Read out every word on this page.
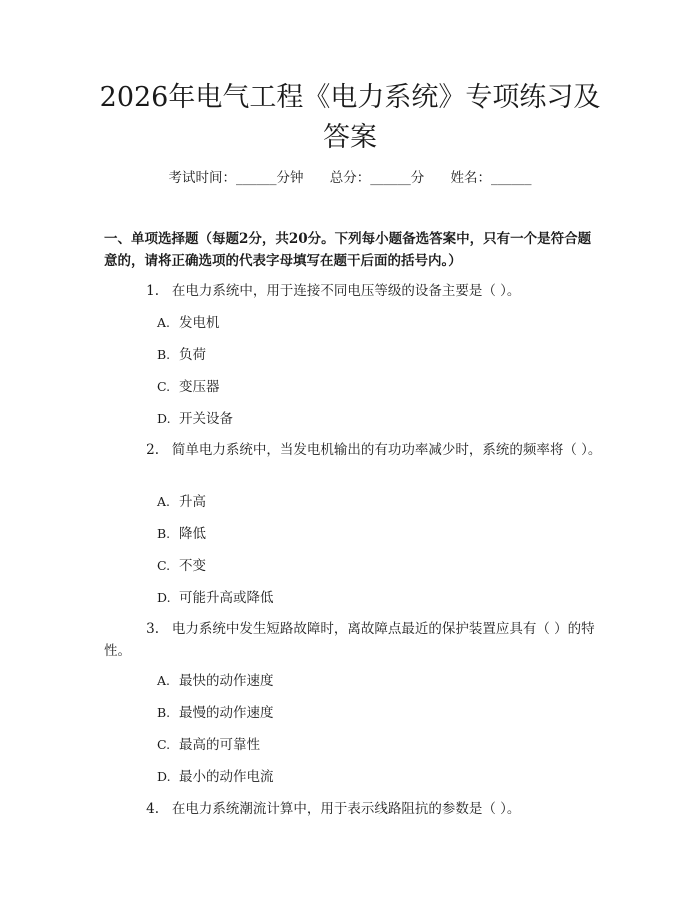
2026年电气工程《电力系统》专项练习及答案
考试时间：______分钟 总分：______分 姓名：______
一、单项选择题（每题2分，共20分。下列每小题备选答案中，只有一个是符合题意的，请将正确选项的代表字母填写在题干后面的括号内。）
1. 在电力系统中，用于连接不同电压等级的设备主要是（ ）。
A. 发电机
B. 负荷
C. 变压器
D. 开关设备
2. 简单电力系统中，当发电机输出的有功功率减少时，系统的频率将（ ）。
A. 升高
B. 降低
C. 不变
D. 可能升高或降低
3. 电力系统中发生短路故障时，离故障点最近的保护装置应具有（ ）的特性。
A. 最快的动作速度
B. 最慢的动作速度
C. 最高的可靠性
D. 最小的动作电流
4. 在电力系统潮流计算中，用于表示线路阻抗的参数是（ ）。
